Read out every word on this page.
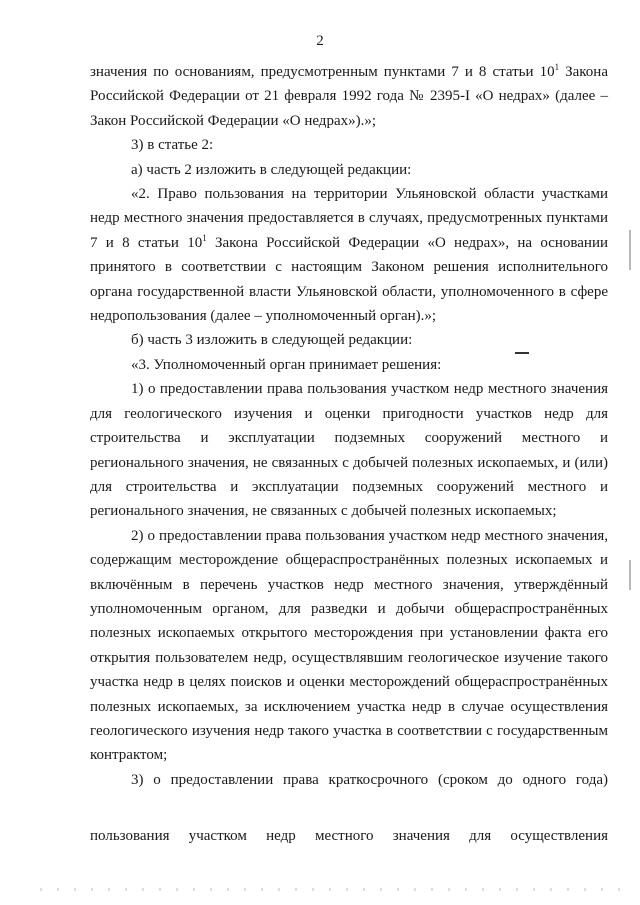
2

значения по основаниям, предусмотренным пунктами 7 и 8 статьи $10^1$ Закона Российской Федерации от 21 февраля 1992 года № 2395-I «О недрах» (далее – Закон Российской Федерации «О недрах»).»;

3) в статье 2:

а) часть 2 изложить в следующей редакции:

«2. Право пользования на территории Ульяновской области участками недр местного значения предоставляется в случаях, предусмотренных пунктами 7 и 8 статьи $10^1$ Закона Российской Федерации «О недрах», на основании принятого в соответствии с настоящим Законом решения исполнительного органа государственной власти Ульяновской области, уполномоченного в сфере недропользования (далее – уполномоченный орган).»;

б) часть 3 изложить в следующей редакции:

«3. Уполномоченный орган принимает решения:

1) о предоставлении права пользования участком недр местного значения для геологического изучения и оценки пригодности участков недр для строительства и эксплуатации подземных сооружений местного и регионального значения, не связанных с добычей полезных ископаемых, и (или) для строительства и эксплуатации подземных сооружений местного и регионального значения, не связанных с добычей полезных ископаемых;

2) о предоставлении права пользования участком недр местного значения, содержащим месторождение общераспространённых полезных ископаемых и включённым в перечень участков недр местного значения, утверждённый уполномоченным органом, для разведки и добычи общераспространённых полезных ископаемых открытого месторождения при установлении факта его открытия пользователем недр, осуществлявшим геологическое изучение такого участка недр в целях поисков и оценки месторождений общераспространённых полезных ископаемых, за исключением участка недр в случае осуществления геологического изучения недр такого участка в соответствии с государственным контрактом;

3) о предоставлении права краткосрочного (сроком до одного года)

пользования участком недр местного значения для осуществления
